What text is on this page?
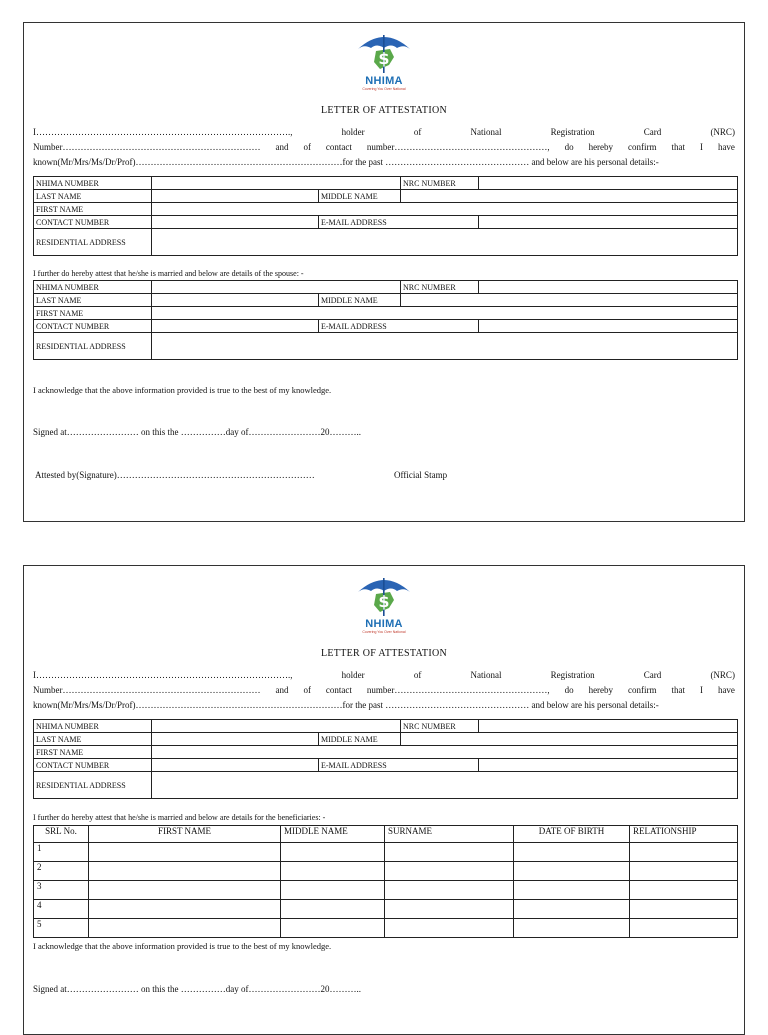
$
NHIMA
Covering You Over National
LETTER OF ATTESTATION
I………………………………………………………………………….,	holder	of	National	Registration	Card	(NRC)
Number………………………………………………………… and of contact number……………………………………………, do hereby confirm that I have
known(Mr/Mrs/Ms/Dr/Prof)……………………………………………………………for the past ………………………………………… and below are his personal details:-
NHIMA NUMBER			NRC NUMBER	
LAST NAME		MIDDLE NAME		
FIRST NAME				
CONTACT NUMBER		E-MAIL ADDRESS		
RESIDENTIAL ADDRESS				
I further do hereby attest that he/she is married and below are details of the spouse: -
NHIMA NUMBER			NRC NUMBER	
LAST NAME		MIDDLE NAME		
FIRST NAME				
CONTACT NUMBER		E-MAIL ADDRESS		
RESIDENTIAL ADDRESS				
I acknowledge that the above information provided is true to the best of my knowledge.
Signed at…………………… on this the ……………day of……………………20………..
Attested by(Signature)…………………………………………………………	Official Stamp
$
NHIMA
Covering You Over National
LETTER OF ATTESTATION
I………………………………………………………………………….,	holder	of	National	Registration	Card	(NRC)
Number………………………………………………………… and of contact number……………………………………………, do hereby confirm that I have
known(Mr/Mrs/Ms/Dr/Prof)……………………………………………………………for the past ………………………………………… and below are his personal details:-
NHIMA NUMBER			NRC NUMBER	
LAST NAME		MIDDLE NAME		
FIRST NAME				
CONTACT NUMBER		E-MAIL ADDRESS		
RESIDENTIAL ADDRESS				
I further do hereby attest that he/she is married and below are details for the beneficiaries: -
SRL No.	FIRST NAME	MIDDLE NAME	SURNAME	DATE OF BIRTH	RELATIONSHIP
1					
2					
3					
4					
5					
I acknowledge that the above information provided is true to the best of my knowledge.
Signed at…………………… on this the ……………day of……………………20………..
